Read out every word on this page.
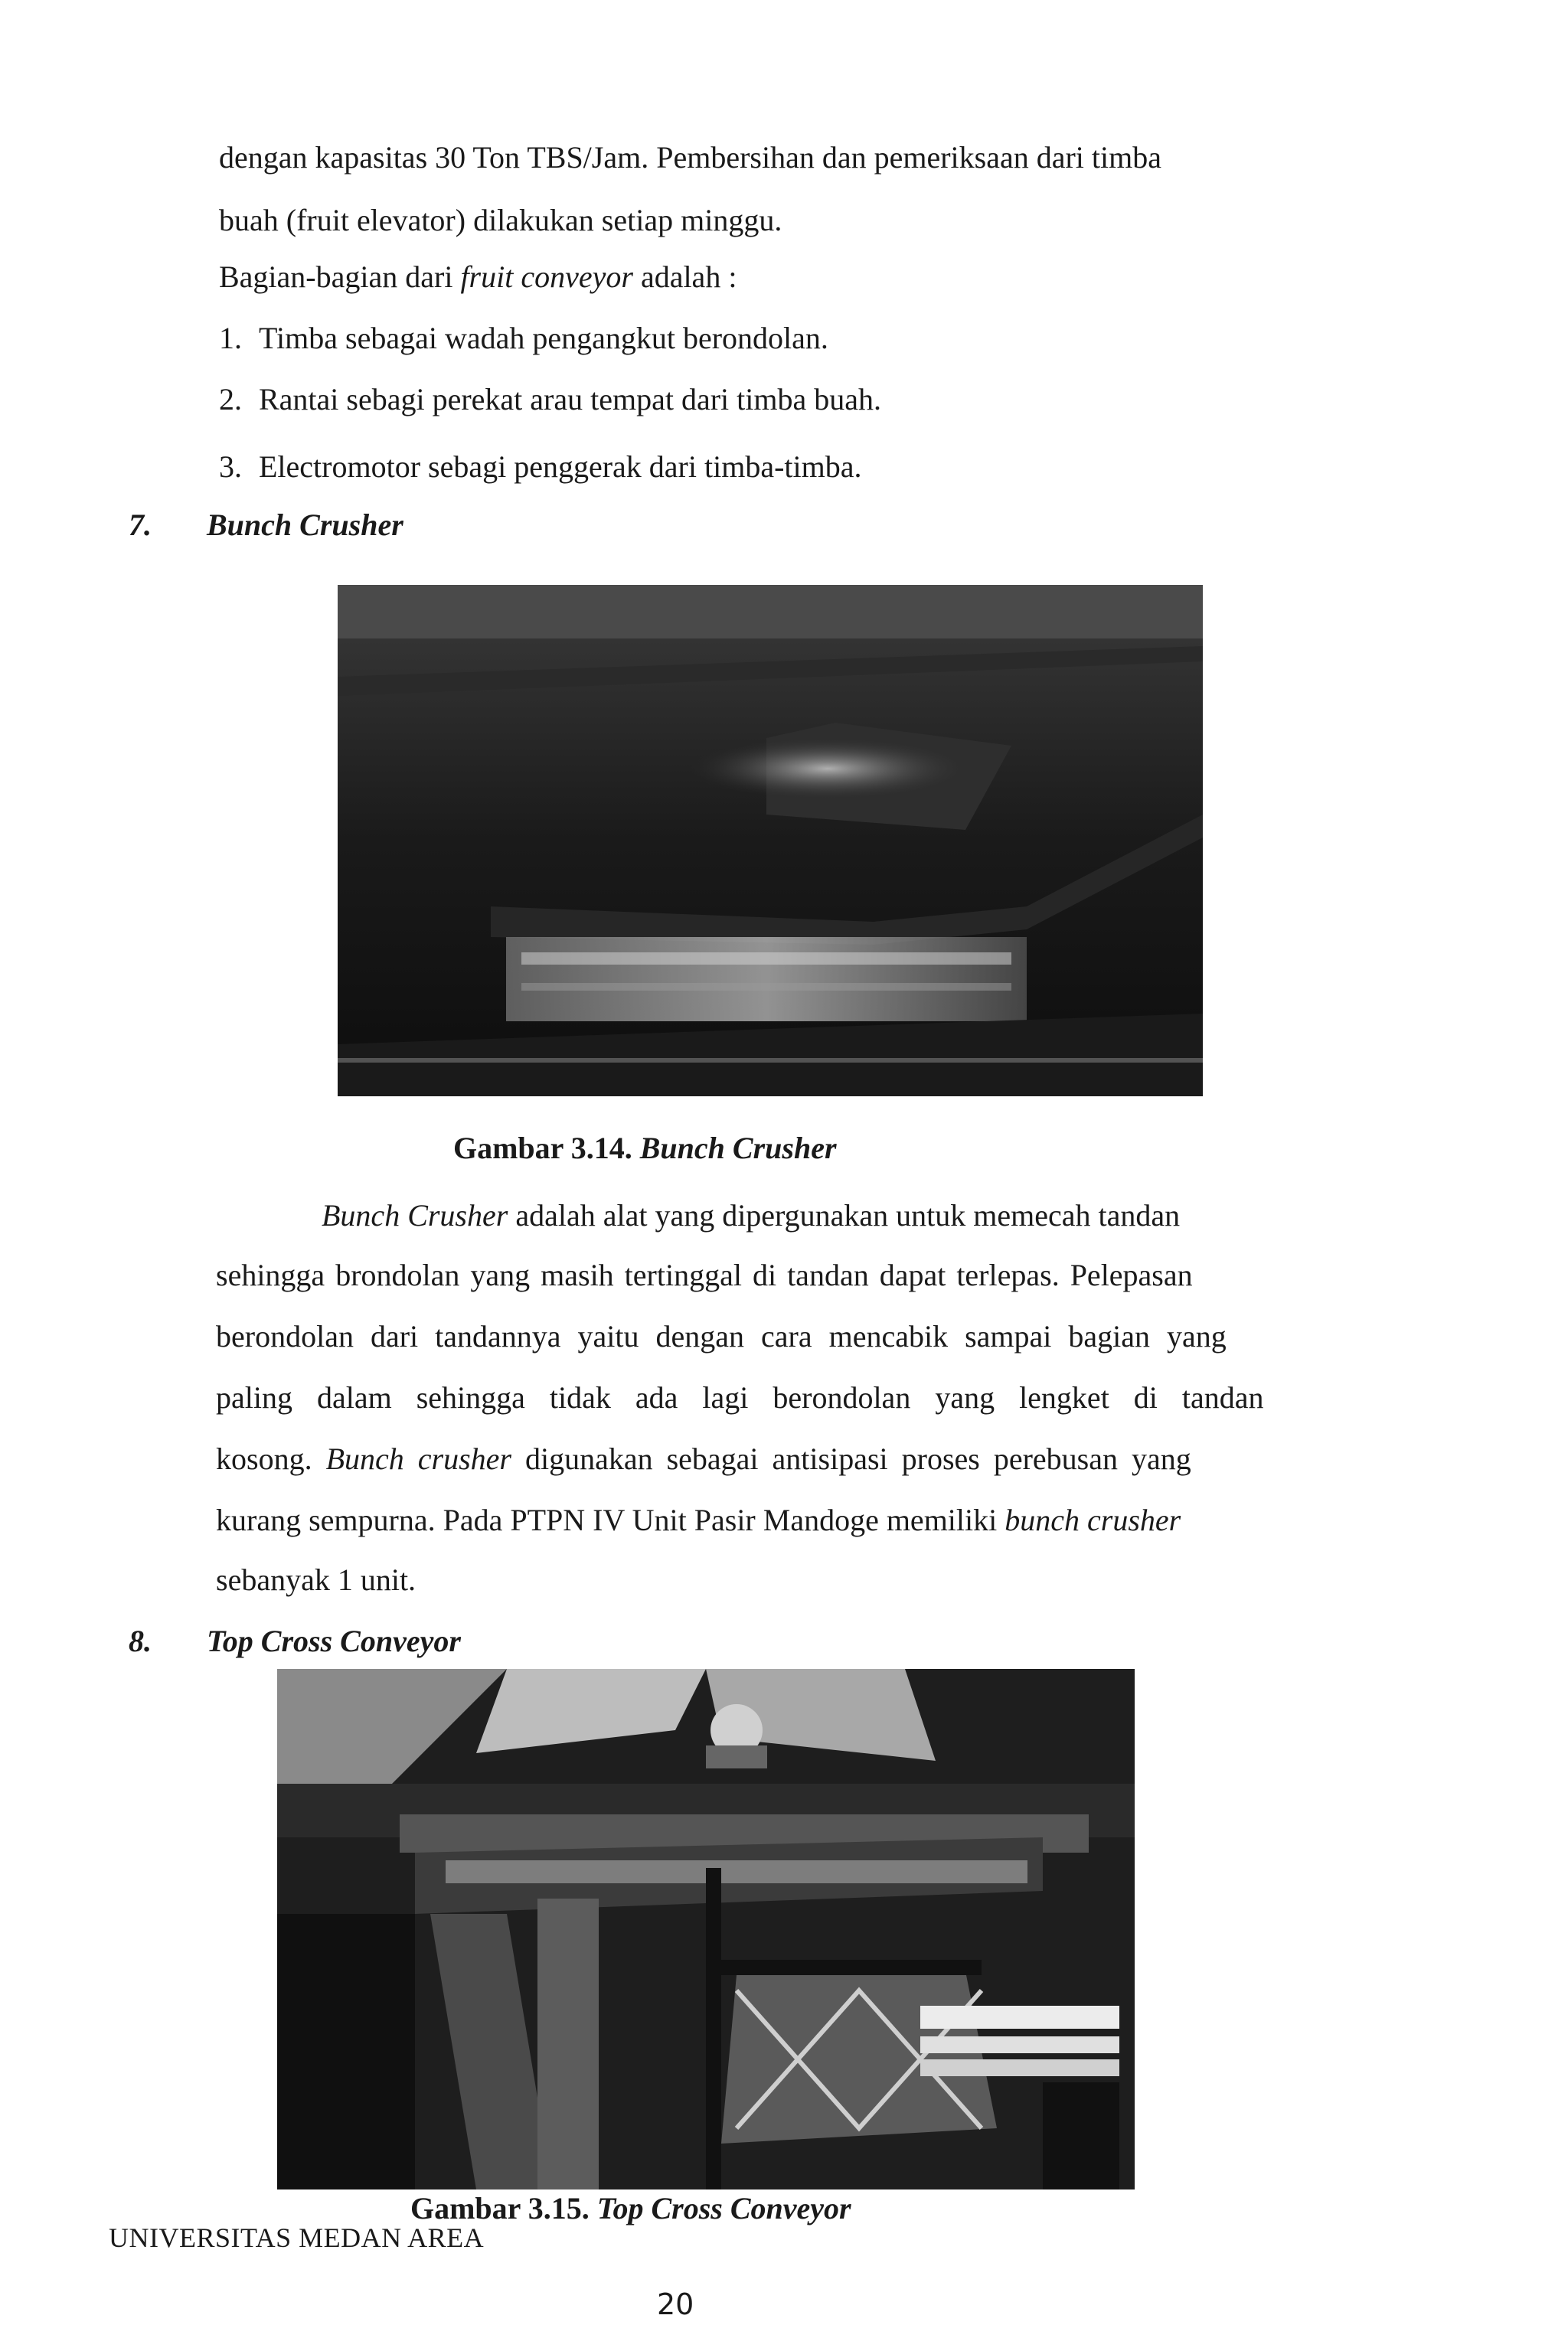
dengan kapasitas 30 Ton TBS/Jam. Pembersihan dan pemeriksaan dari timba
buah (fruit elevator) dilakukan setiap minggu.
Bagian-bagian dari fruit conveyor adalah :
1. Timba sebagai wadah pengangkut berondolan.
2. Rantai sebagi perekat arau tempat dari timba buah.
3. Electromotor sebagi penggerak dari timba-timba.
7. Bunch Crusher
Gambar 3.14. Bunch Crusher
Bunch Crusher adalah alat yang dipergunakan untuk memecah tandan
sehingga brondolan yang masih tertinggal di tandan dapat terlepas. Pelepasan
berondolan dari tandannya yaitu dengan cara mencabik sampai bagian yang
paling dalam sehingga tidak ada lagi berondolan yang lengket di tandan
kosong. Bunch crusher digunakan sebagai antisipasi proses perebusan yang
kurang sempurna. Pada PTPN IV Unit Pasir Mandoge memiliki bunch crusher
sebanyak 1 unit.
8. Top Cross Conveyor
Gambar 3.15. Top Cross Conveyor
UNIVERSITAS MEDAN AREA
20
